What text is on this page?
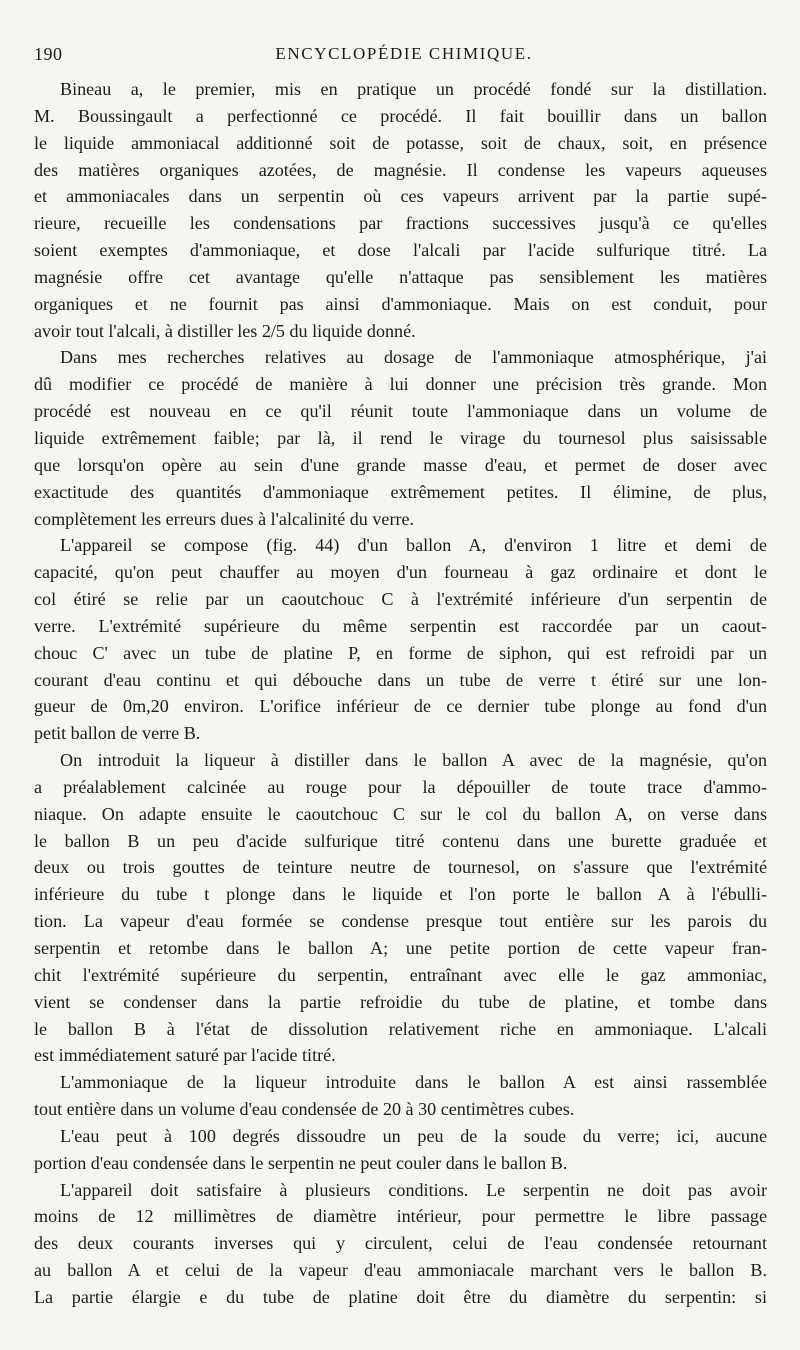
190	ENCYCLOPÉDIE CHIMIQUE.

Bineau a, le premier, mis en pratique un procédé fondé sur la distillation.
M. Boussingault a perfectionné ce procédé. Il fait bouillir dans un ballon
le liquide ammoniacal additionné soit de potasse, soit de chaux, soit, en présence
des matières organiques azotées, de magnésie. Il condense les vapeurs aqueuses
et ammoniacales dans un serpentin où ces vapeurs arrivent par la partie supé-
rieure, recueille les condensations par fractions successives jusqu'à ce qu'elles
soient exemptes d'ammoniaque, et dose l'alcali par l'acide sulfurique titré. La
magnésie offre cet avantage qu'elle n'attaque pas sensiblement les matières
organiques et ne fournit pas ainsi d'ammoniaque. Mais on est conduit, pour
avoir tout l'alcali, à distiller les 2/5 du liquide donné.

Dans mes recherches relatives au dosage de l'ammoniaque atmosphérique, j'ai
dû modifier ce procédé de manière à lui donner une précision très grande. Mon
procédé est nouveau en ce qu'il réunit toute l'ammoniaque dans un volume de
liquide extrêmement faible; par là, il rend le virage du tournesol plus saisissable
que lorsqu'on opère au sein d'une grande masse d'eau, et permet de doser avec
exactitude des quantités d'ammoniaque extrêmement petites. Il élimine, de plus,
complètement les erreurs dues à l'alcalinité du verre.

L'appareil se compose (fig. 44) d'un ballon A, d'environ 1 litre et demi de
capacité, qu'on peut chauffer au moyen d'un fourneau à gaz ordinaire et dont le
col étiré se relie par un caoutchouc C à l'extrémité inférieure d'un serpentin de
verre. L'extrémité supérieure du même serpentin est raccordée par un caout-
chouc C' avec un tube de platine P, en forme de siphon, qui est refroidi par un
courant d'eau continu et qui débouche dans un tube de verre t étiré sur une lon-
gueur de 0m,20 environ. L'orifice inférieur de ce dernier tube plonge au fond d'un
petit ballon de verre B.

On introduit la liqueur à distiller dans le ballon A avec de la magnésie, qu'on
a préalablement calcinée au rouge pour la dépouiller de toute trace d'ammo-
niaque. On adapte ensuite le caoutchouc C sur le col du ballon A, on verse dans
le ballon B un peu d'acide sulfurique titré contenu dans une burette graduée et
deux ou trois gouttes de teinture neutre de tournesol, on s'assure que l'extrémité
inférieure du tube t plonge dans le liquide et l'on porte le ballon A à l'ébulli-
tion. La vapeur d'eau formée se condense presque tout entière sur les parois du
serpentin et retombe dans le ballon A; une petite portion de cette vapeur fran-
chit l'extrémité supérieure du serpentin, entraînant avec elle le gaz ammoniac,
vient se condenser dans la partie refroidie du tube de platine, et tombe dans
le ballon B à l'état de dissolution relativement riche en ammoniaque. L'alcali
est immédiatement saturé par l'acide titré.

L'ammoniaque de la liqueur introduite dans le ballon A est ainsi rassemblée
tout entière dans un volume d'eau condensée de 20 à 30 centimètres cubes.

L'eau peut à 100 degrés dissoudre un peu de la soude du verre; ici, aucune
portion d'eau condensée dans le serpentin ne peut couler dans le ballon B.

L'appareil doit satisfaire à plusieurs conditions. Le serpentin ne doit pas avoir
moins de 12 millimètres de diamètre intérieur, pour permettre le libre passage
des deux courants inverses qui y circulent, celui de l'eau condensée retournant
au ballon A et celui de la vapeur d'eau ammoniacale marchant vers le ballon B.
La partie élargie e du tube de platine doit être du diamètre du serpentin: si
